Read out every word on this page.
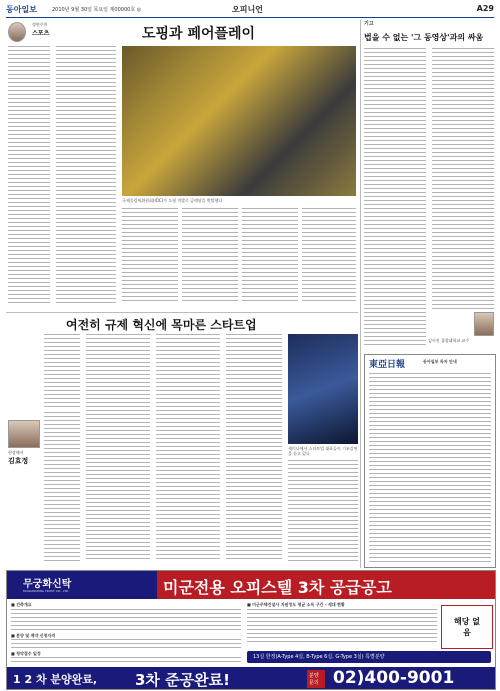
동아일보	2010년 9월 30일 목요일 제00000호 ◎	오피니언	A29
정연주의
스포츠	도핑과 페어플레이
국제올림픽위원회(IOC)가 도핑 적발로 금메달을 박탈했다
기고
법을 수 없는 '그 동영상'과의 싸움
김시진 경찰대학교 교수
여전히 규제 혁신에 목마른 스타트업
현장에서
김효정
세미나에서 스타트업 대표들이 기조강연을 듣고 있다
東亞日報	동아일보 독자 안내
무궁화신탁
MUGUNGHWA TRUST CO., LTD	미군전용 오피스텔 3차 공급공고
■ 건축개요
■ 분양 및 계약 신청자격
■ 청약접수 일정
■ 미군주택건설사 지원정도 평균 소득 구간 - 세대 현황
해당 없음
13실 한정(A-Type 4실, B-Type 6실, G-Type 3실) 특별분양
1 2 차 분양완료,	3차 준공완료!	분양 문의 02)400-9001
